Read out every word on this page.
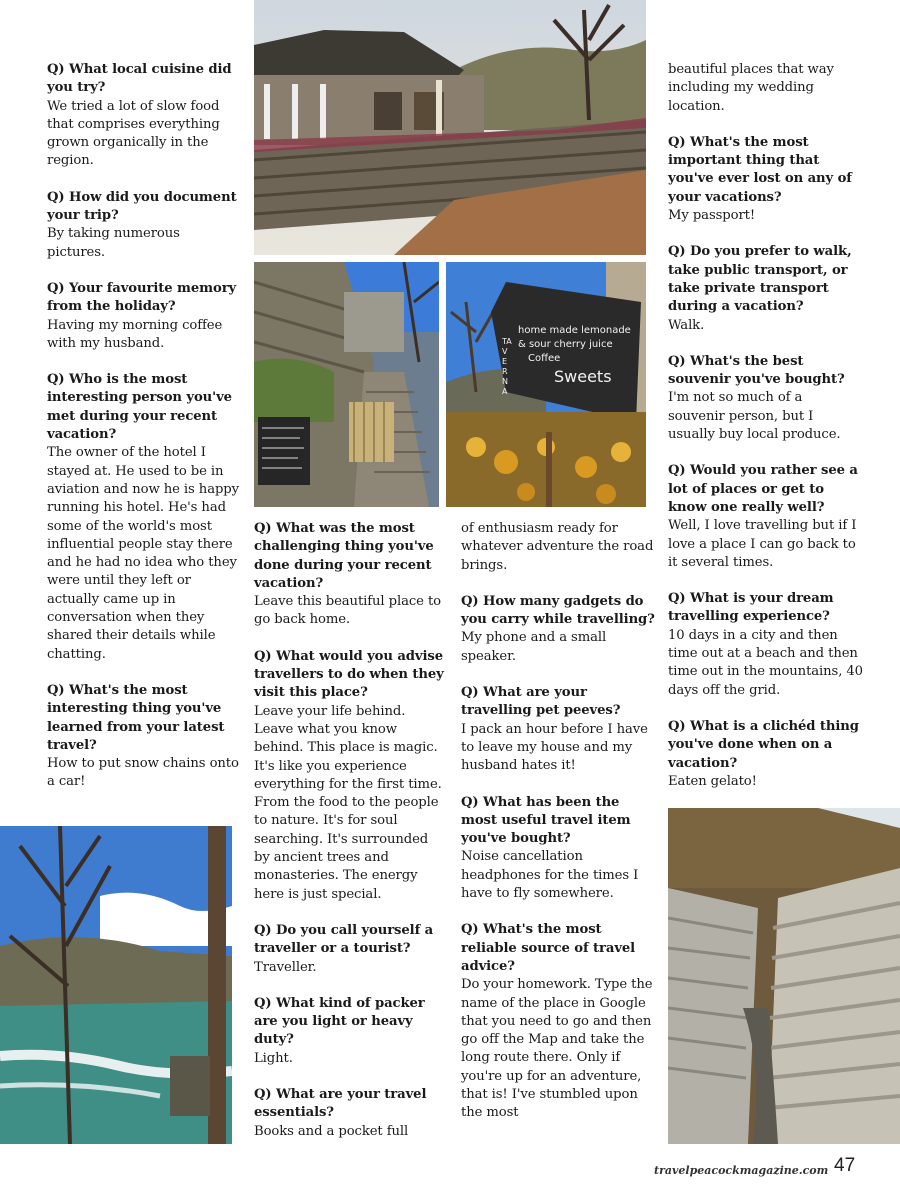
home made lemonade
& sour cherry juice
Coffee
Sweets
TAVERNA
Q) What local cuisine did you try?
We tried a lot of slow food that comprises everything grown organically in the region.
Q) How did you document your trip?
By taking numerous pictures.
Q) Your favourite memory from the holiday?
Having my morning coffee with my husband.
Q) Who is the most interesting person you've met during your recent vacation?
The owner of the hotel I stayed at. He used to be in aviation and now he is happy running his hotel. He's had some of the world's most influential people stay there and he had no idea who they were until they left or actually came up in conversation when they shared their details while chatting.
Q) What's the most interesting thing you've learned from your latest travel?
How to put snow chains onto a car!
Q) What was the most challenging thing you've done during your recent vacation?
Leave this beautiful place to go back home.
Q) What would you advise travellers to do when they visit this place?
Leave your life behind. Leave what you know behind. This place is magic. It's like you experience everything for the first time. From the food to the people to nature. It's for soul searching. It's surrounded by ancient trees and monasteries. The energy here is just special.
Q) Do you call yourself a traveller or a tourist?
Traveller.
Q) What kind of packer are you light or heavy duty?
Light.
Q) What are your travel essentials?
Books and a pocket full
of enthusiasm ready for whatever adventure the road brings.
Q) How many gadgets do you carry while travelling?
My phone and a small speaker.
Q) What are your travelling pet peeves?
I pack an hour before I have to leave my house and my husband hates it!
Q) What has been the most useful travel item you've bought?
Noise cancellation headphones for the times I have to fly somewhere.
Q) What's the most reliable source of travel advice?
Do your homework. Type the name of the place in Google that you need to go and then go off the Map and take the long route there. Only if you're up for an adventure, that is! I've stumbled upon the most
beautiful places that way including my wedding location.
Q) What's the most important thing that you've ever lost on any of your vacations?
My passport!
Q) Do you prefer to walk, take public transport, or take private transport during a vacation?
Walk.
Q) What's the best souvenir you've bought?
I'm not so much of a souvenir person, but I usually buy local produce.
Q) Would you rather see a lot of places or get to know one really well?
Well, I love travelling but if I love a place I can go back to it several times.
Q) What is your dream travelling experience?
10 days in a city and then time out at a beach and then time out in the mountains, 40 days off the grid.
Q) What is a clichéd thing you've done when on a vacation?
Eaten gelato!
travelpeacockmagazine.com 47
